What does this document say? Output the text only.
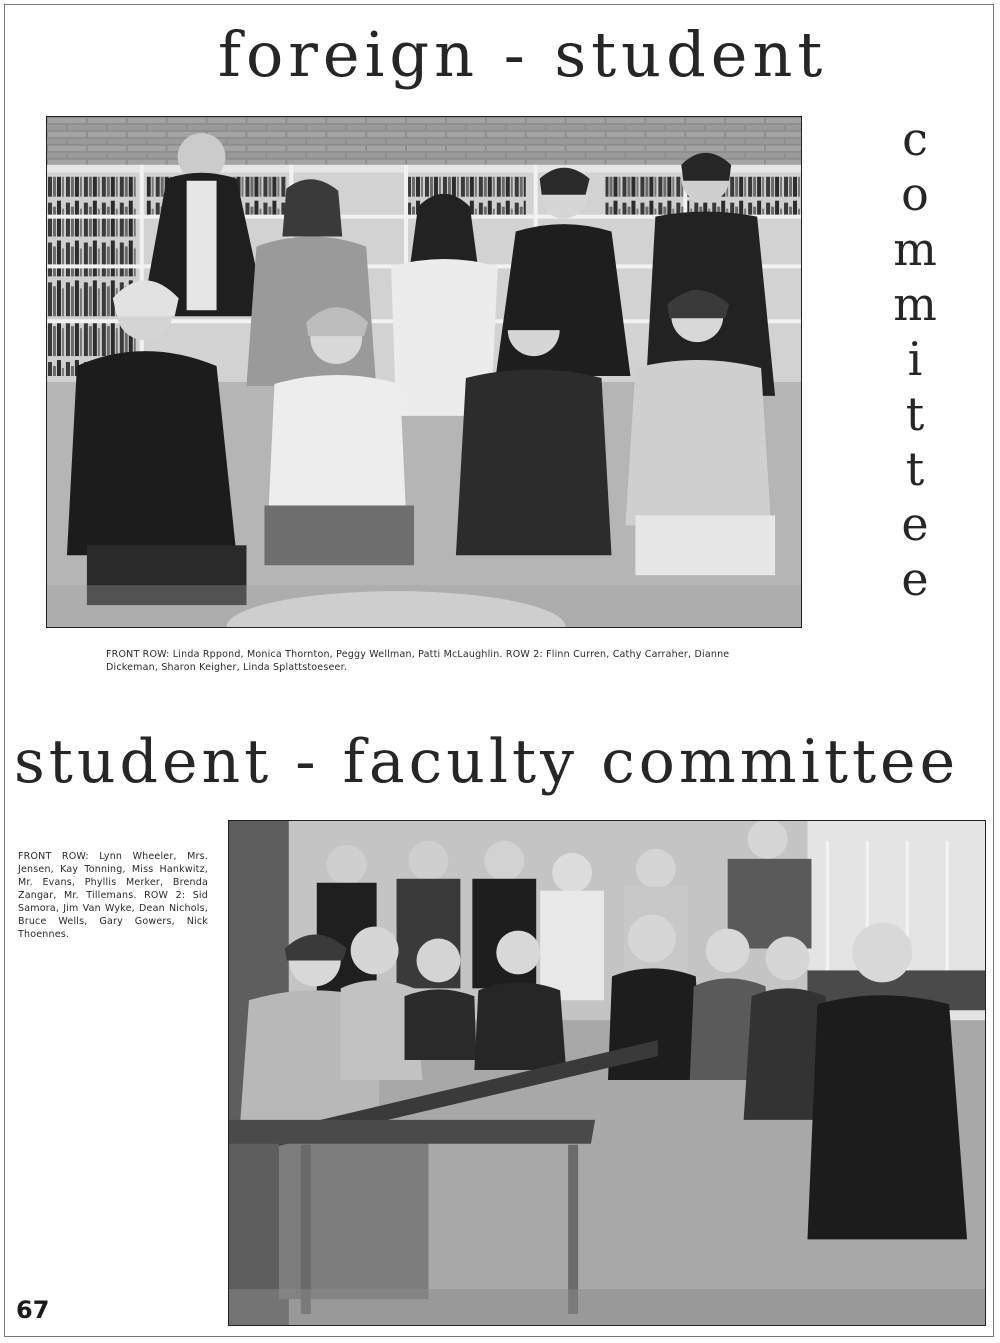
foreign - student
c
o
m
m
i
t
t
e
e

FRONT ROW: Linda Rppond, Monica Thornton, Peggy Wellman, Patti McLaughlin. ROW 2: Flinn Curren, Cathy Carraher, Dianne Dickeman, Sharon Keigher, Linda Splattstoeseer.

student - faculty committee

FRONT ROW: Lynn Wheeler, Mrs. Jensen, Kay Tonning, Miss Hankwitz, Mr. Evans, Phyllis Merker, Brenda Zangar, Mr. Tillemans. ROW 2: Sid Samora, Jim Van Wyke, Dean Nichols, Bruce Wells, Gary Gowers, Nick Thoennes.

67
